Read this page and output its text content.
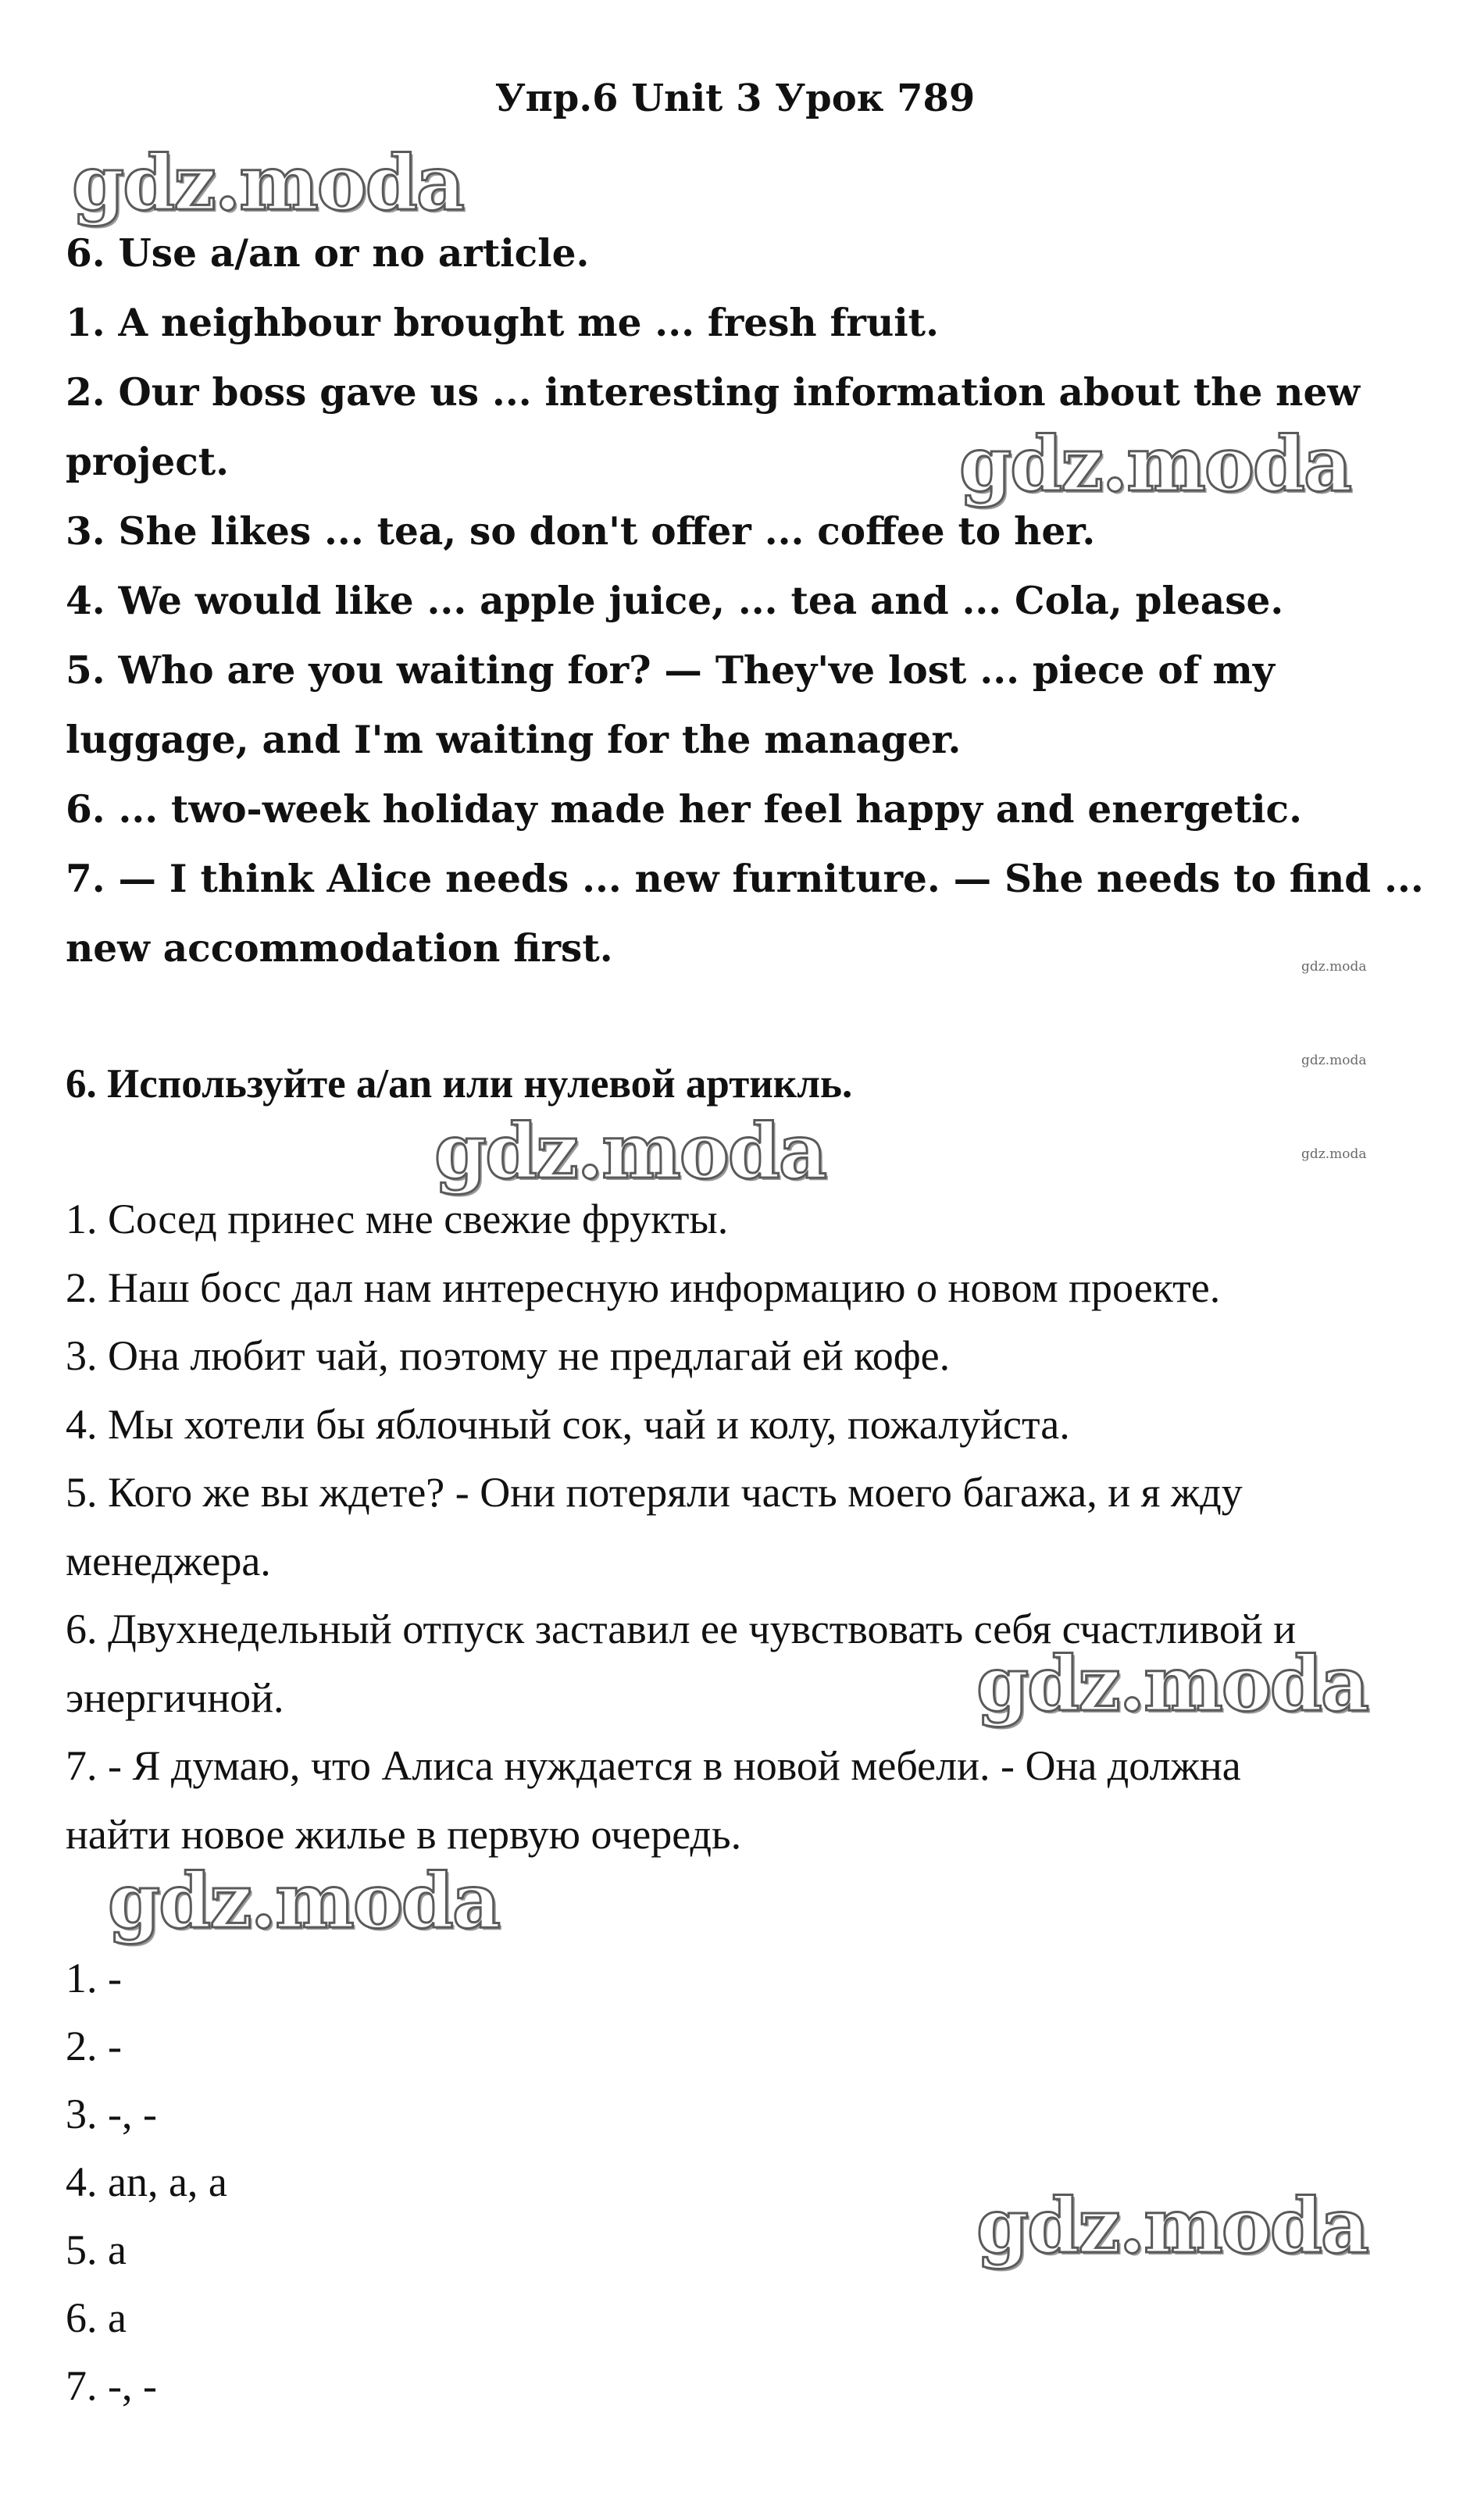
Упр.6 Unit 3 Урок 789

6. Use a/an or no article.

1. A neighbour brought me ... fresh fruit.

2. Our boss gave us ... interesting information about the new

project.

3. She likes ... tea, so don't offer ... coffee to her.

4. We would like ... apple juice, ... tea and ... Cola, please.

5. Who are you waiting for? — They've lost ... piece of my

luggage, and I'm waiting for the manager.

6. ... two-week holiday made her feel happy and energetic.

7. — I think Alice needs ... new furniture. — She needs to find ...

new accommodation first.

6. Используйте a/an или нулевой артикль.

1. Сосед принес мне свежие фрукты.

2. Наш босс дал нам интересную информацию о новом проекте.

3. Она любит чай, поэтому не предлагай ей кофе.

4. Мы хотели бы яблочный сок, чай и колу, пожалуйста.

5. Кого же вы ждете? - Они потеряли часть моего багажа, и я жду

менеджера.

6. Двухнедельный отпуск заставил ее чувствовать себя счастливой и

энергичной.

7. - Я думаю, что Алиса нуждается в новой мебели. - Она должна

найти новое жилье в первую очередь.

1. -

2. -

3. -, -

4. an, a, a

5. a

6. a

7. -, -

gdz.moda
gdz.moda
gdz.moda
gdz.moda
gdz.moda
gdz.moda
gdz.moda
gdz.moda
gdz.moda
